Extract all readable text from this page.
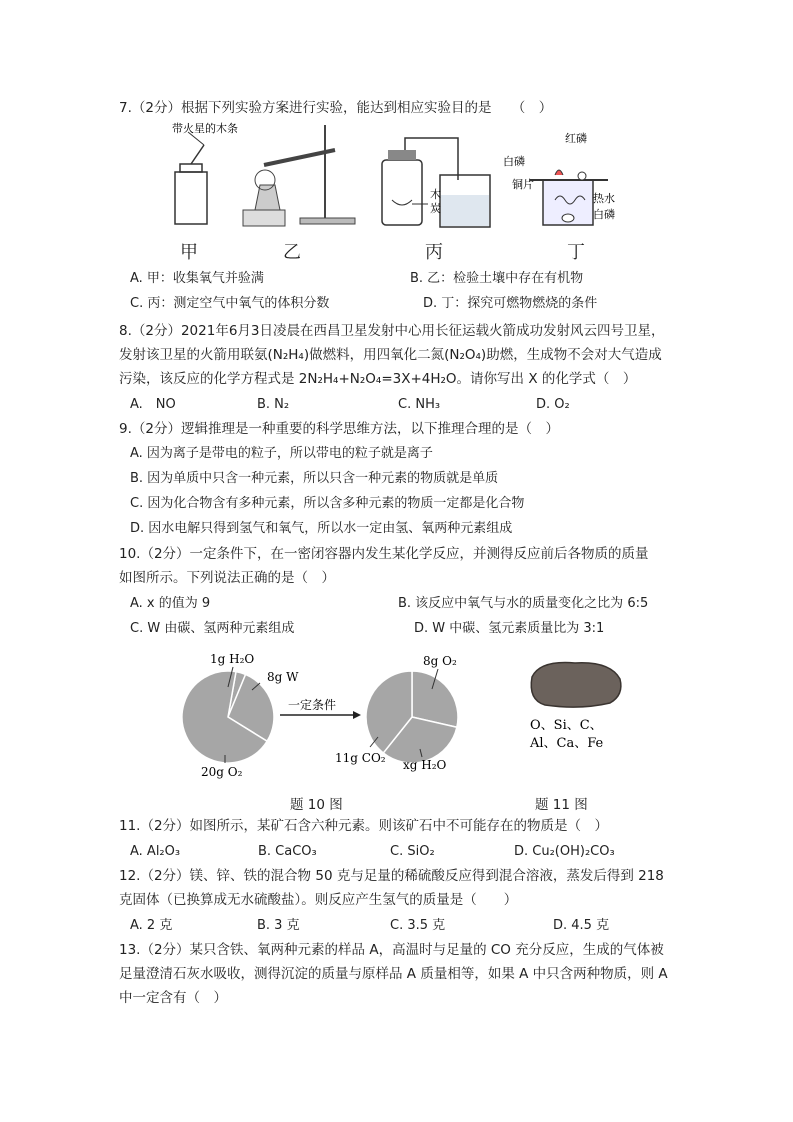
7.（2分）根据下列实验方案进行实验，能达到相应实验目的是　　（　）
带火星的木条
木
炭
红磷
白磷
铜片
热水
白磷
甲	乙	丙	丁
A. 甲：收集氧气并验满	B. 乙：检验土壤中存在有机物
C. 丙：测定空气中氧气的体积分数	D. 丁：探究可燃物燃烧的条件
8.（2分）2021年6月3日凌晨在西昌卫星发射中心用长征运载火箭成功发射风云四号卫星，
发射该卫星的火箭用联氨(N₂H₄)做燃料，用四氧化二氮(N₂O₄)助燃，生成物不会对大气造成
污染，该反应的化学方程式是 2N₂H₄+N₂O₄=3X+4H₂O。请你写出 X 的化学式（　）
A.　NO	B. N₂	C. NH₃	D. O₂
9.（2分）逻辑推理是一种重要的科学思维方法，以下推理合理的是（　）
A. 因为离子是带电的粒子，所以带电的粒子就是离子
B. 因为单质中只含一种元素，所以只含一种元素的物质就是单质
C. 因为化合物含有多种元素，所以含多种元素的物质一定都是化合物
D. 因水电解只得到氢气和氧气，所以水一定由氢、氧两种元素组成
10.（2分）一定条件下，在一密闭容器内发生某化学反应，并测得反应前后各物质的质量
如图所示。下列说法正确的是（　）
A. x 的值为 9	B. 该反应中氧气与水的质量变化之比为 6:5
C. W 由碳、氢两种元素组成	D. W 中碳、氢元素质量比为 3:1
1g H₂O
8g W
20g O₂
一定条件
8g O₂
11g CO₂ xg H₂O
O、Si、C、
Al、Ca、Fe
题 10 图	题 11 图
11.（2分）如图所示，某矿石含六种元素。则该矿石中不可能存在的物质是（　）
A. Al₂O₃	B. CaCO₃	C. SiO₂	D. Cu₂(OH)₂CO₃
12.（2分）镁、锌、铁的混合物 50 克与足量的稀硫酸反应得到混合溶液，蒸发后得到 218
克固体（已换算成无水硫酸盐）。则反应产生氢气的质量是（　　）
A. 2 克	B. 3 克	C. 3.5 克	D. 4.5 克
13.（2分）某只含铁、氧两种元素的样品 A，高温时与足量的 CO 充分反应，生成的气体被
足量澄清石灰水吸收，测得沉淀的质量与原样品 A 质量相等，如果 A 中只含两种物质，则 A
中一定含有（　）
